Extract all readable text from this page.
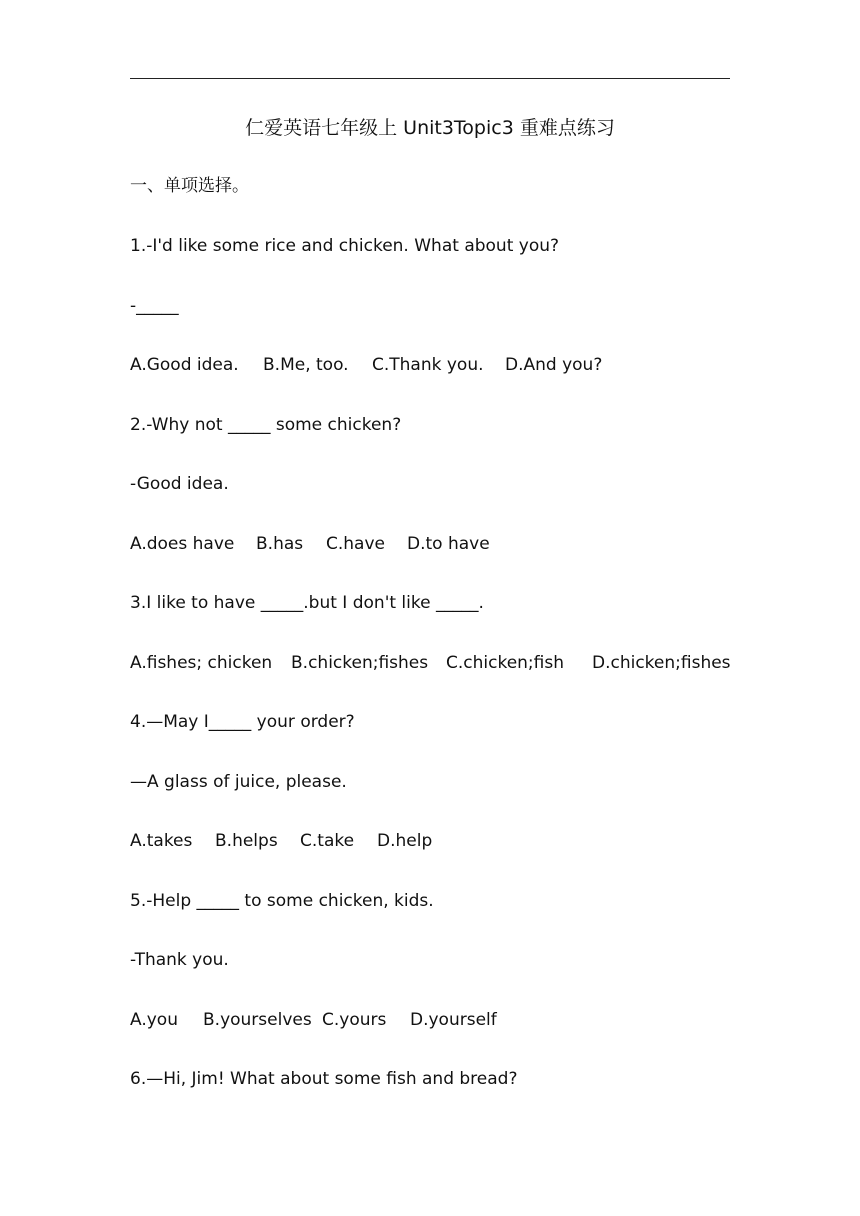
仁爱英语七年级上 Unit3Topic3 重难点练习
一、单项选择。
1.-I'd like some rice and chicken. What about you?
-_____
A.Good idea. B.Me, too. C.Thank you. D.And you?
2.-Why not _____ some chicken?
-Good idea.
A.does have B.has C.have D.to have
3.I like to have _____.but I don't like _____.
A.fishes; chicken B.chicken;fishes C.chicken;fish D.chicken;fishes
4.—May I_____ your order?
—A glass of juice, please.
A.takes B.helps C.take D.help
5.-Help _____ to some chicken, kids.
-Thank you.
A.you B.yourselves C.yours D.yourself
6.—Hi, Jim! What about some fish and bread?
